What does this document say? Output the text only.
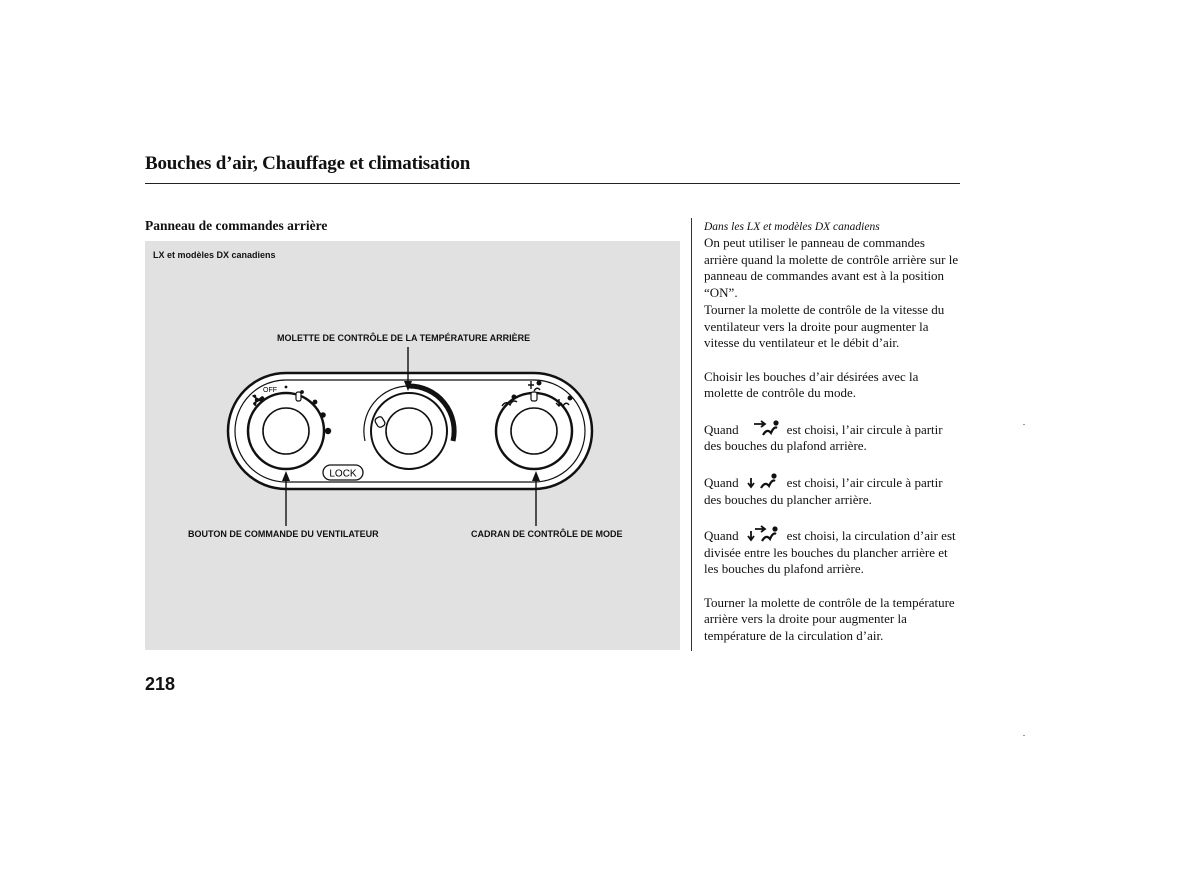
Bouches d’air, Chauffage et climatisation
Panneau de commandes arrière
OFF
LOCK
LX et modèles DX canadiens
MOLETTE DE CONTRÔLE DE LA TEMPÉRATURE ARRIÈRE
BOUTON DE COMMANDE DU VENTILATEUR	CADRAN DE CONTRÔLE DE MODE

Dans les LX et modèles DX canadiens

On peut utiliser le panneau de commandes arrière quand la molette de contrôle arrière sur le panneau de commandes avant est à la position “ON”.

Tourner la molette de contrôle de la vitesse du ventilateur vers la droite pour augmenter la vitesse du ventilateur et le débit d’air.

Choisir les bouches d’air désirées avec la molette de contrôle du mode.

Quand	est choisi, l’air circule à partir des bouches du plafond arrière.

Quand	est choisi, l’air circule à partir des bouches du plancher arrière.

Quand	est choisi, la circulation d’air est divisée entre les bouches du plancher arrière et les bouches du plafond arrière.

Tourner la molette de contrôle de la température arrière vers la droite pour augmenter la température de la circulation d’air.

218
